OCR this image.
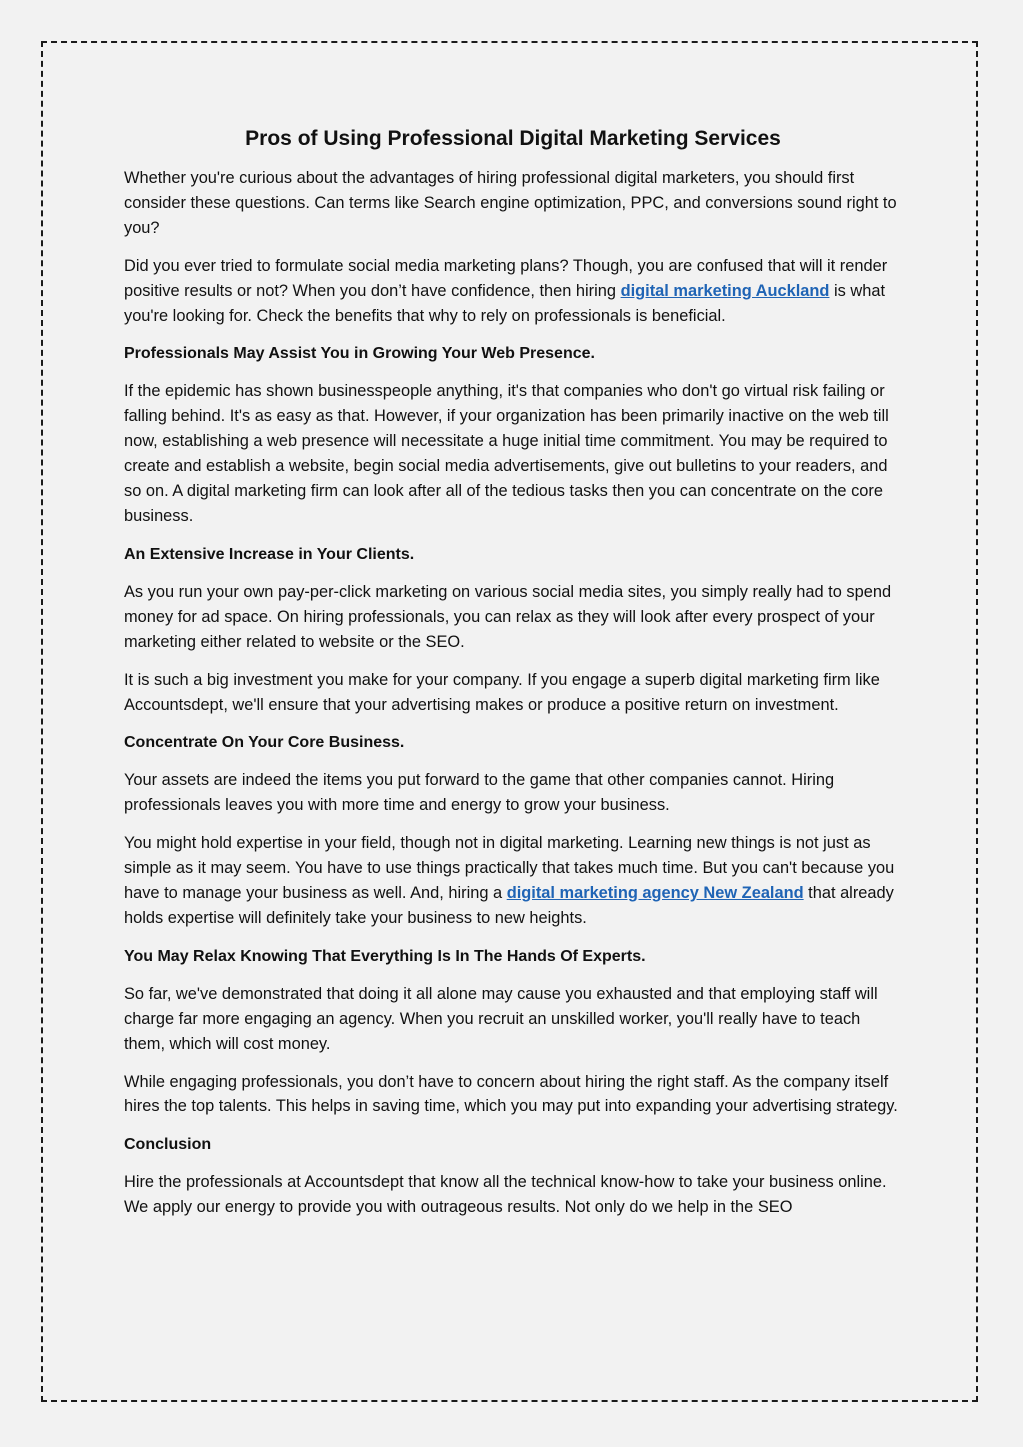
Pros of Using Professional Digital Marketing Services

Whether you're curious about the advantages of hiring professional digital marketers, you should first consider these questions. Can terms like Search engine optimization, PPC, and conversions sound right to you?

Did you ever tried to formulate social media marketing plans? Though, you are confused that will it render positive results or not? When you don’t have confidence, then hiring digital marketing Auckland is what you're looking for. Check the benefits that why to rely on professionals is beneficial.

Professionals May Assist You in Growing Your Web Presence.

If the epidemic has shown businesspeople anything, it's that companies who don't go virtual risk failing or falling behind. It's as easy as that. However, if your organization has been primarily inactive on the web till now, establishing a web presence will necessitate a huge initial time commitment. You may be required to create and establish a website, begin social media advertisements, give out bulletins to your readers, and so on. A digital marketing firm can look after all of the tedious tasks then you can concentrate on the core business.

An Extensive Increase in Your Clients.

As you run your own pay-per-click marketing on various social media sites, you simply really had to spend money for ad space. On hiring professionals, you can relax as they will look after every prospect of your marketing either related to website or the SEO.

It is such a big investment you make for your company. If you engage a superb digital marketing firm like Accountsdept, we'll ensure that your advertising makes or produce a positive return on investment.

Concentrate On Your Core Business.

Your assets are indeed the items you put forward to the game that other companies cannot. Hiring professionals leaves you with more time and energy to grow your business.

You might hold expertise in your field, though not in digital marketing. Learning new things is not just as simple as it may seem. You have to use things practically that takes much time. But you can't because you have to manage your business as well. And, hiring a digital marketing agency New Zealand that already holds expertise will definitely take your business to new heights.

You May Relax Knowing That Everything Is In The Hands Of Experts.

So far, we've demonstrated that doing it all alone may cause you exhausted and that employing staff will charge far more engaging an agency. When you recruit an unskilled worker, you'll really have to teach them, which will cost money.

While engaging professionals, you don’t have to concern about hiring the right staff. As the company itself hires the top talents. This helps in saving time, which you may put into expanding your advertising strategy.

Conclusion

Hire the professionals at Accountsdept that know all the technical know-how to take your business online. We apply our energy to provide you with outrageous results. Not only do we help in the SEO
